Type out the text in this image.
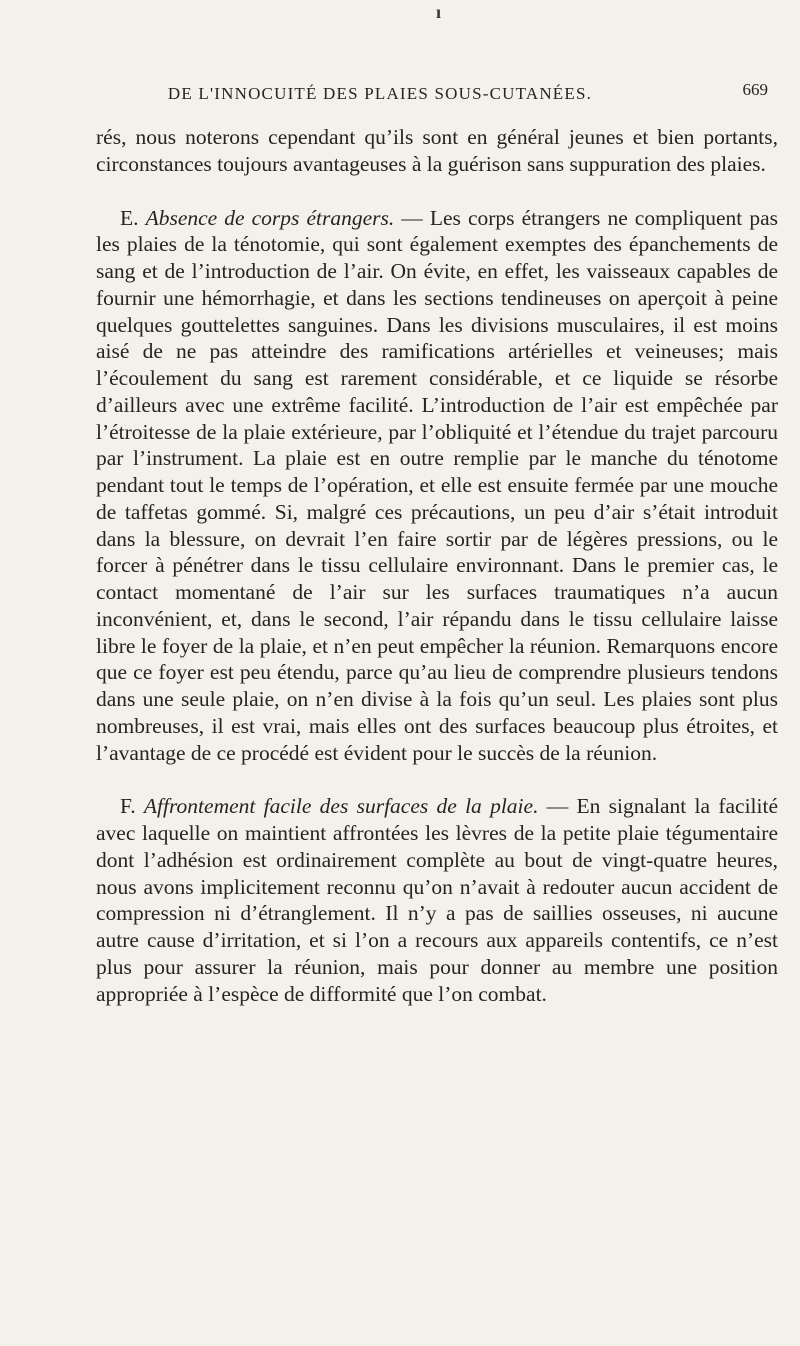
ı
DE L'INNOCUITÉ DES PLAIES SOUS-CUTANÉES.	669

rés, nous noterons cependant qu’ils sont en général jeunes et bien portants, circonstances toujours avantageuses à la guérison sans suppuration des plaies.

E. Absence de corps étrangers. — Les corps étrangers ne compliquent pas les plaies de la ténotomie, qui sont également exemptes des épanchements de sang et de l’introduction de l’air. On évite, en effet, les vaisseaux capables de fournir une hémorrhagie, et dans les sections tendineuses on aperçoit à peine quelques gouttelettes sanguines. Dans les divisions musculaires, il est moins aisé de ne pas atteindre des ramifications artérielles et veineuses; mais l’écoulement du sang est rarement considérable, et ce liquide se résorbe d’ailleurs avec une extrême facilité. L’introduction de l’air est empêchée par l’étroitesse de la plaie extérieure, par l’obliquité et l’étendue du trajet parcouru par l’instrument. La plaie est en outre remplie par le manche du ténotome pendant tout le temps de l’opération, et elle est ensuite fermée par une mouche de taffetas gommé. Si, malgré ces précautions, un peu d’air s’était introduit dans la blessure, on devrait l’en faire sortir par de légères pressions, ou le forcer à pénétrer dans le tissu cellulaire environnant. Dans le premier cas, le contact momentané de l’air sur les surfaces traumatiques n’a aucun inconvénient, et, dans le second, l’air répandu dans le tissu cellulaire laisse libre le foyer de la plaie, et n’en peut empêcher la réunion. Remarquons encore que ce foyer est peu étendu, parce qu’au lieu de comprendre plusieurs tendons dans une seule plaie, on n’en divise à la fois qu’un seul. Les plaies sont plus nombreuses, il est vrai, mais elles ont des surfaces beaucoup plus étroites, et l’avantage de ce procédé est évident pour le succès de la réunion.

F. Affrontement facile des surfaces de la plaie. — En signalant la facilité avec laquelle on maintient affrontées les lèvres de la petite plaie tégumentaire dont l’adhésion est ordinairement complète au bout de vingt-quatre heures, nous avons implicitement reconnu qu’on n’avait à redouter aucun accident de compression ni d’étranglement. Il n’y a pas de saillies osseuses, ni aucune autre cause d’irritation, et si l’on a recours aux appareils contentifs, ce n’est plus pour assurer la réunion, mais pour donner au membre une position appropriée à l’espèce de difformité que l’on combat.
